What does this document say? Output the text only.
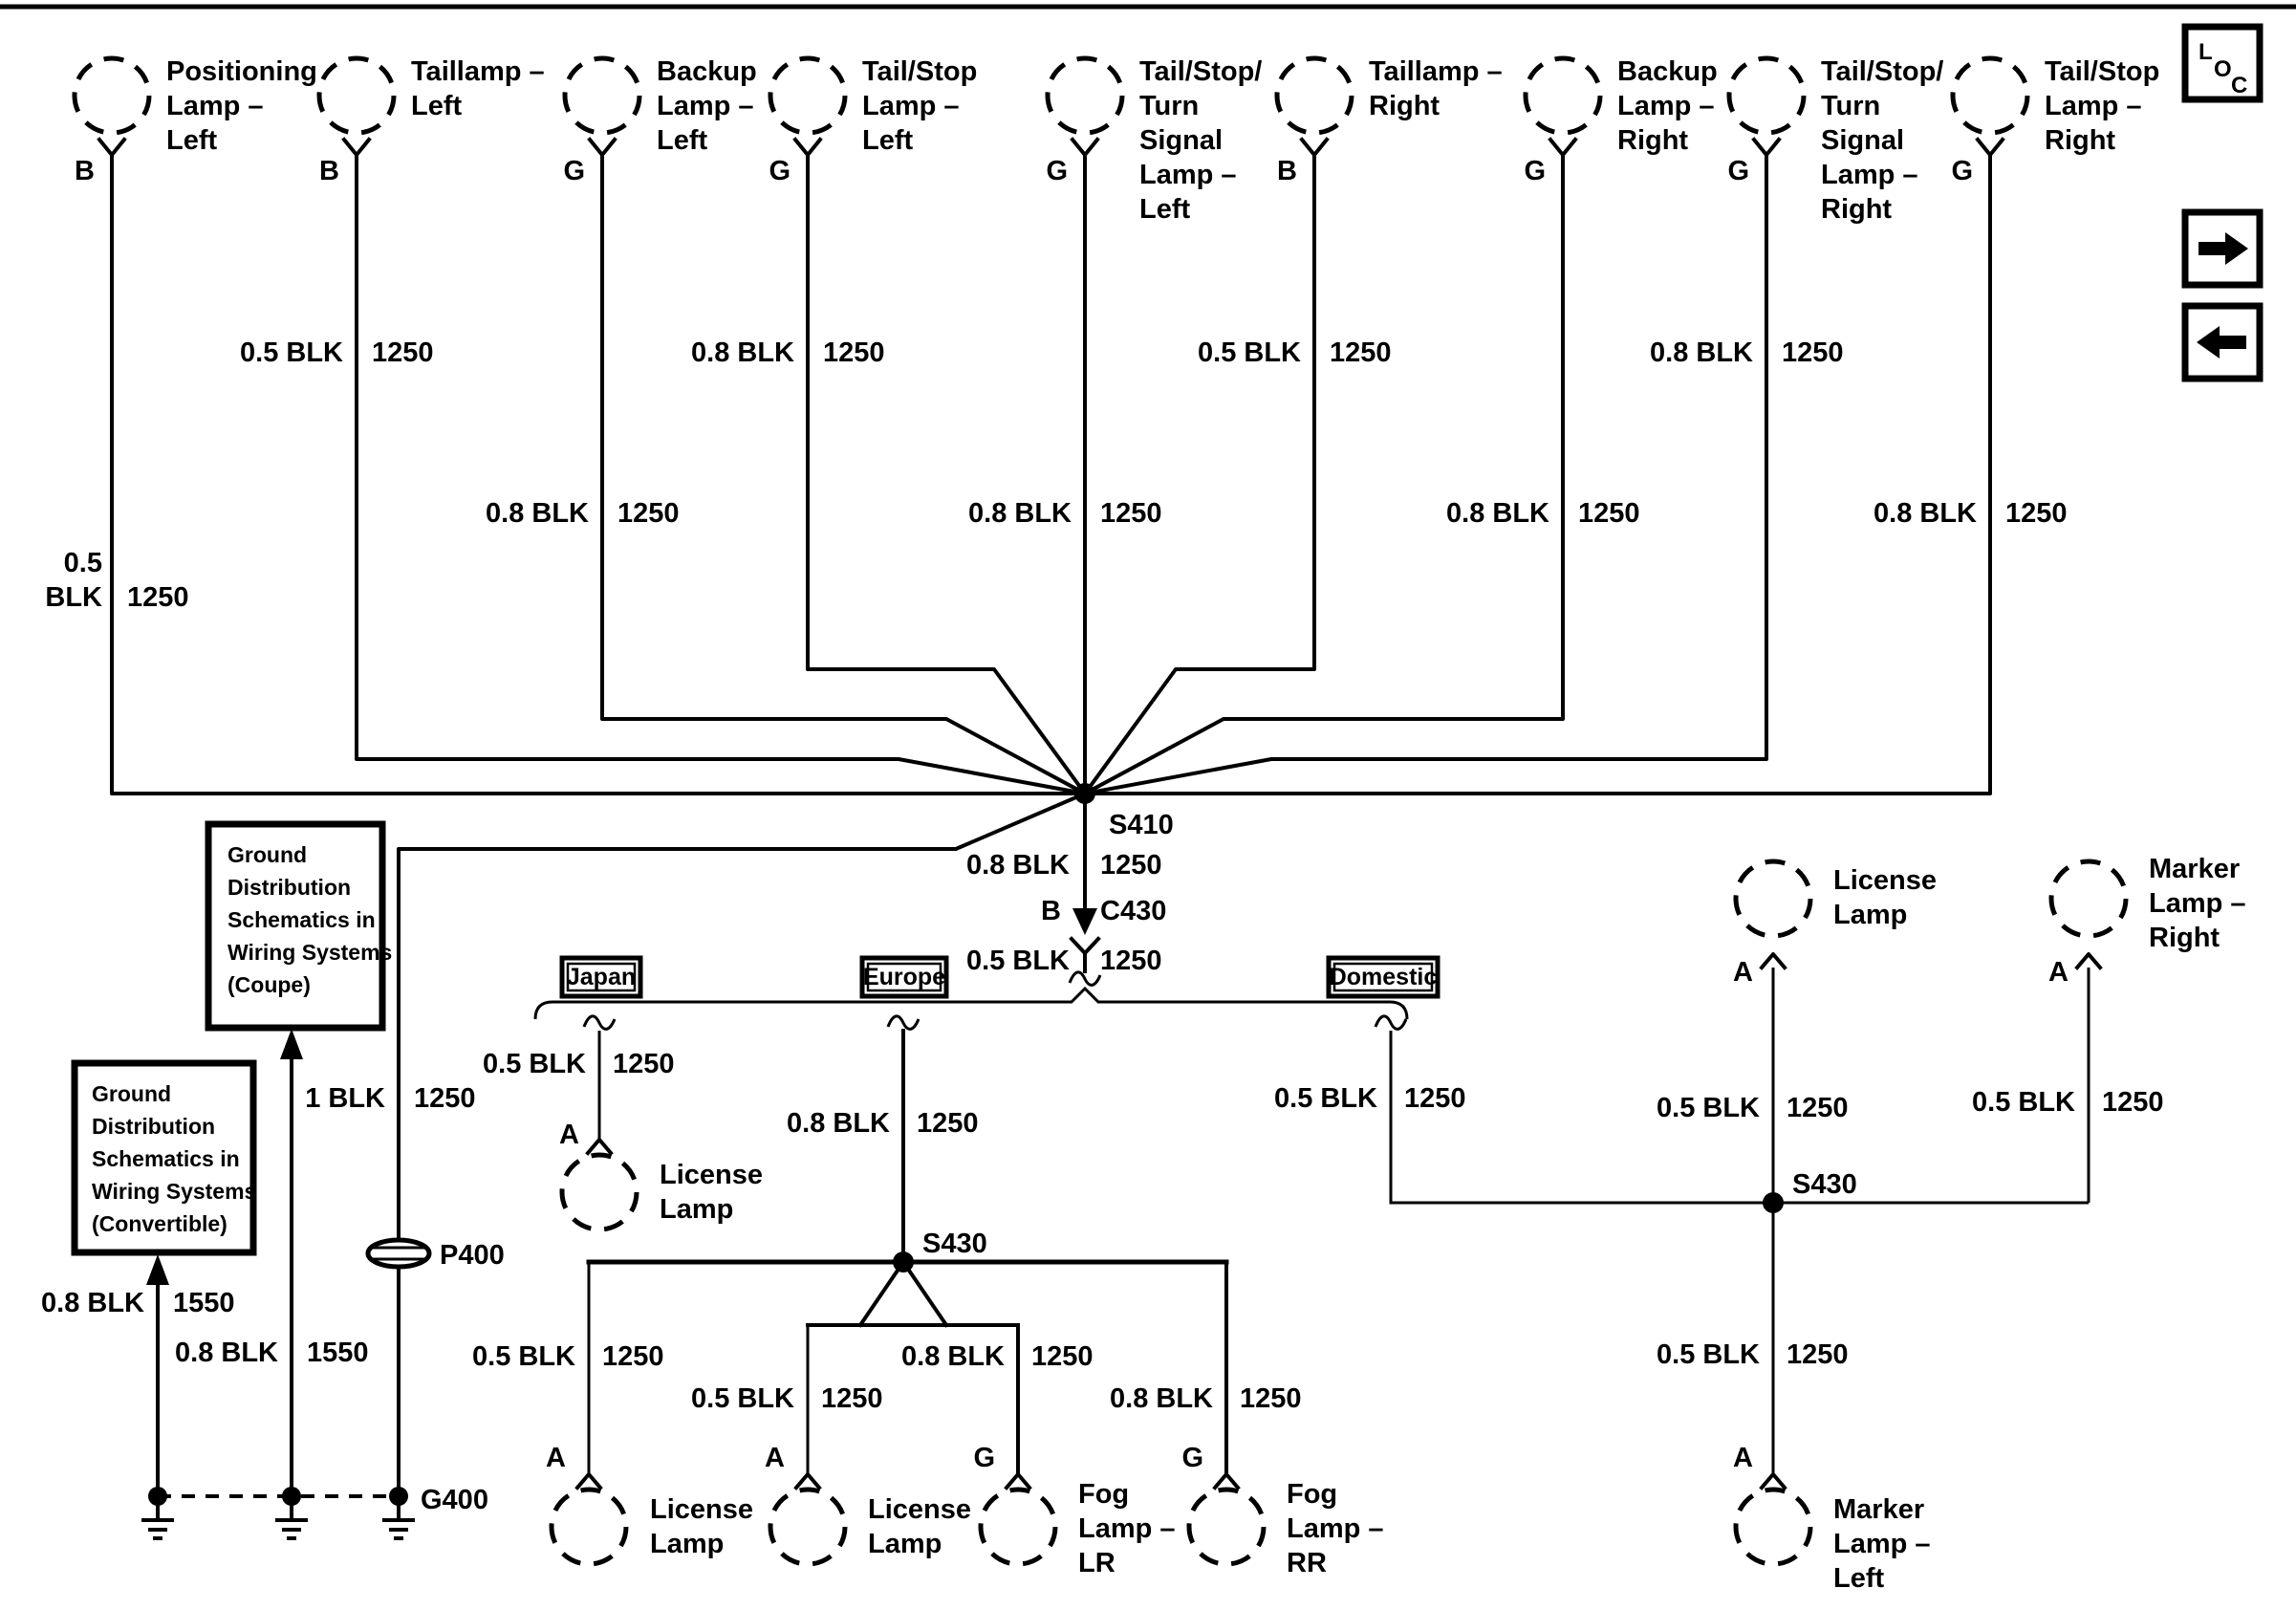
B
Positioning
Lamp –
Left
B
Taillamp –
Left
G
Backup
Lamp –
Left
G
Tail/Stop
Lamp –
Left
G
Tail/Stop/
Turn
Signal
Lamp –
Left
B
Taillamp –
Right
G
Backup
Lamp –
Right
G
Tail/Stop/
Turn
Signal
Lamp –
Right
G
Tail/Stop
Lamp –
Right
0.5 BLK 1250	0.8 BLK 1250	0.5 BLK 1250	0.8 BLK 1250
0.8 BLK 1250	0.8 BLK 1250	0.8 BLK 1250	0.8 BLK 1250
0.5
BLK 1250
S410
0.8 BLK 1250
B C430
0.5 BLK 1250
Japan	Europe	Domestic
0.5 BLK 1250
A
License
Lamp
0.8 BLK 1250
S430
0.5 BLK 1250
0.5 BLK 1250
0.8 BLK 1250
0.8 BLK 1250
A	A	G	G
License
Lamp
License
Lamp
Fog
Lamp –
LR
Fog
Lamp –
RR
0.5 BLK 1250
License
Lamp
A
0.5 BLK 1250
Marker
Lamp –
Right
A
0.5 BLK 1250
S430
0.5 BLK 1250
A
Marker
Lamp –
Left
Ground
Distribution
Schematics in
Wiring Systems
(Coupe)
Ground
Distribution
Schematics in
Wiring Systems
(Convertible)
1 BLK 1250
P400
0.8 BLK 1550
0.8 BLK 1550
G400
L
O
C
